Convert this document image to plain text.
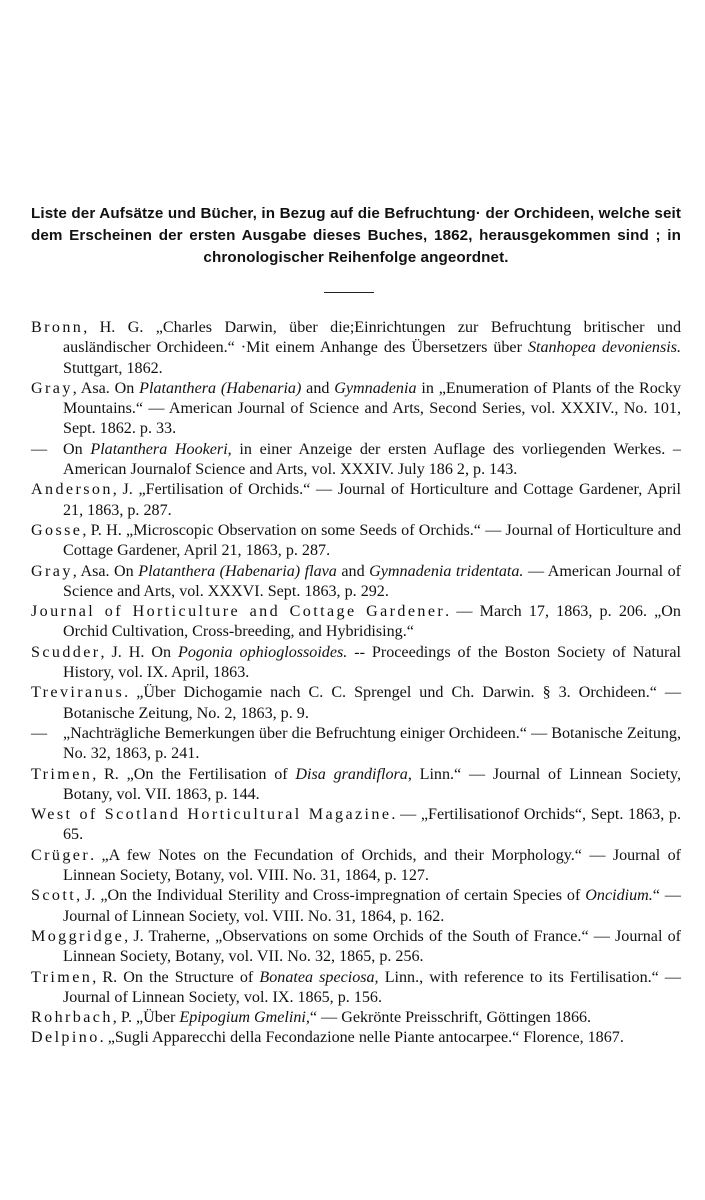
Liste der Aufsätze und Bücher, in Bezug auf die Befruchtung· der Orchideen, welche seit dem Erscheinen der ersten Ausgabe dieses Buches, 1862, herausgekommen sind ; in chronologischer Reihenfolge angeordnet.

Bronn, H. G. „Charles Darwin, über die;Einrichtungen zur Befruchtung britischer und ausländischer Orchideen.“ ·Mit einem Anhange des Übersetzers über Stanhopea devoniensis. Stuttgart, 1862.

Gray, Asa. On Platanthera (Habenaria) and Gymnadenia in „Enumeration of Plants of the Rocky Mountains.“ — American Journal of Science and Arts, Second Series, vol. XXXIV., No. 101, Sept. 1862. p. 33.

— On Platanthera Hookeri, in einer Anzeige der ersten Auflage des vorliegenden Werkes. – American Journalof Science and Arts, vol. XXXIV. July 186 2, p. 143.

Anderson, J. „Fertilisation of Orchids.“ — Journal of Horticulture and Cottage Gardener, April 21, 1863, p. 287.

Gosse, P. H. „Microscopic Observation on some Seeds of Orchids.“ — Journal of Horticulture and Cottage Gardener, April 21, 1863, p. 287.

Gray, Asa. On Platanthera (Habenaria) flava and Gymnadenia tridentata. — American Journal of Science and Arts, vol. XXXVI. Sept. 1863, p. 292.

Journal of Horticulture and Cottage Gardener. — March 17, 1863, p. 206. „On Orchid Cultivation, Cross-breeding, and Hybridising.“

Scudder, J. H. On Pogonia ophioglossoides. -- Proceedings of the Boston Society of Natural History, vol. IX. April, 1863.

Treviranus. „Über Dichogamie nach C. C. Sprengel und Ch. Darwin. § 3. Orchideen.“ — Botanische Zeitung, No. 2, 1863, p. 9.

— „Nachträgliche Bemerkungen über die Befruchtung einiger Orchideen.“ — Botanische Zeitung, No. 32, 1863, p. 241.

Trimen, R. „On the Fertilisation of Disa grandiflora, Linn.“ — Journal of Linnean Society, Botany, vol. VII. 1863, p. 144.

West of Scotland Horticultural Magazine. — „Fertilisationof Orchids“, Sept. 1863, p. 65.

Crüger. „A few Notes on the Fecundation of Orchids, and their Morphology.“ — Journal of Linnean Society, Botany, vol. VIII. No. 31, 1864, p. 127.

Scott, J. „On the Individual Sterility and Cross-impregnation of certain Species of Oncidium.“ — Journal of Linnean Society, vol. VIII. No. 31, 1864, p. 162.

Moggridge, J. Traherne, „Observations on some Orchids of the South of France.“ — Journal of Linnean Society, Botany, vol. VII. No. 32, 1865, p. 256.

Trimen, R. On the Structure of Bonatea speciosa, Linn., with reference to its Fertilisation.“ — Journal of Linnean Society, vol. IX. 1865, p. 156.

Rohrbach, P. „Über Epipogium Gmelini,“ — Gekrönte Preisschrift, Göttingen 1866.

Delpino. „Sugli Apparecchi della Fecondazione nelle Piante antocarpee.“ Florence, 1867.
